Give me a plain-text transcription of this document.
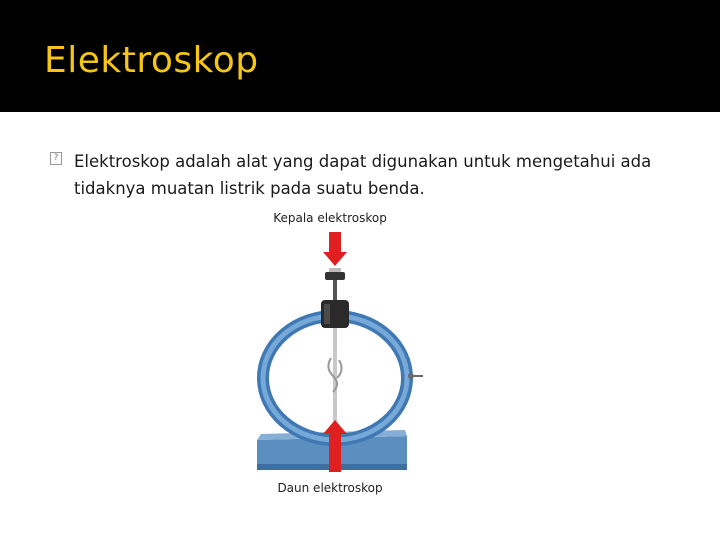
Elektroskop
? Elektroskop adalah alat yang dapat digunakan untuk mengetahui ada tidaknya muatan listrik pada suatu benda.
Kepala elektroskop
Daun elektroskop
